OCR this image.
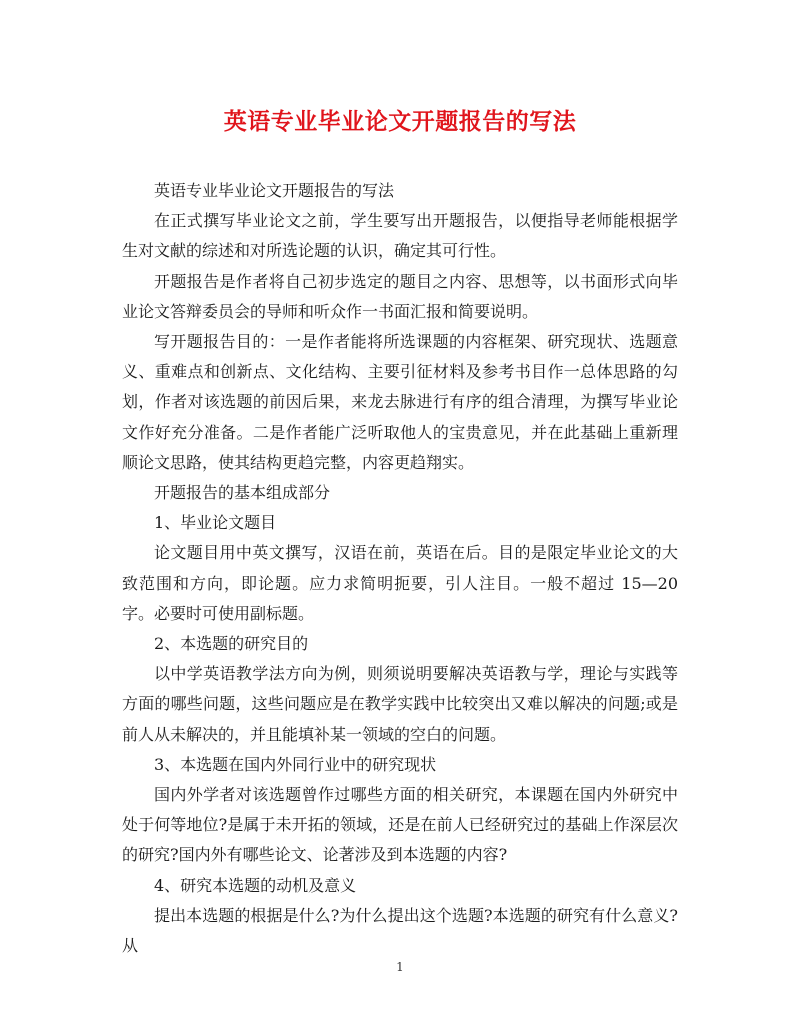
英语专业毕业论文开题报告的写法

英语专业毕业论文开题报告的写法

在正式撰写毕业论文之前，学生要写出开题报告，以便指导老师能根据学生对文献的综述和对所选论题的认识，确定其可行性。

开题报告是作者将自己初步选定的题目之内容、思想等，以书面形式向毕业论文答辩委员会的导师和听众作一书面汇报和简要说明。

写开题报告目的：一是作者能将所选课题的内容框架、研究现状、选题意义、重难点和创新点、文化结构、主要引征材料及参考书目作一总体思路的勾划，作者对该选题的前因后果，来龙去脉进行有序的组合清理，为撰写毕业论文作好充分准备。二是作者能广泛听取他人的宝贵意见，并在此基础上重新理顺论文思路，使其结构更趋完整，内容更趋翔实。

开题报告的基本组成部分

1、毕业论文题目

论文题目用中英文撰写，汉语在前，英语在后。目的是限定毕业论文的大致范围和方向，即论题。应力求简明扼要，引人注目。一般不超过 15—20 字。必要时可使用副标题。

2、本选题的研究目的

以中学英语教学法方向为例，则须说明要解决英语教与学，理论与实践等方面的哪些问题，这些问题应是在教学实践中比较突出又难以解决的问题;或是前人从未解决的，并且能填补某一领域的空白的问题。

3、本选题在国内外同行业中的研究现状

国内外学者对该选题曾作过哪些方面的相关研究，本课题在国内外研究中处于何等地位?是属于未开拓的领域，还是在前人已经研究过的基础上作深层次的研究?国内外有哪些论文、论著涉及到本选题的内容?

4、研究本选题的动机及意义

提出本选题的根据是什么?为什么提出这个选题?本选题的研究有什么意义?从

1
